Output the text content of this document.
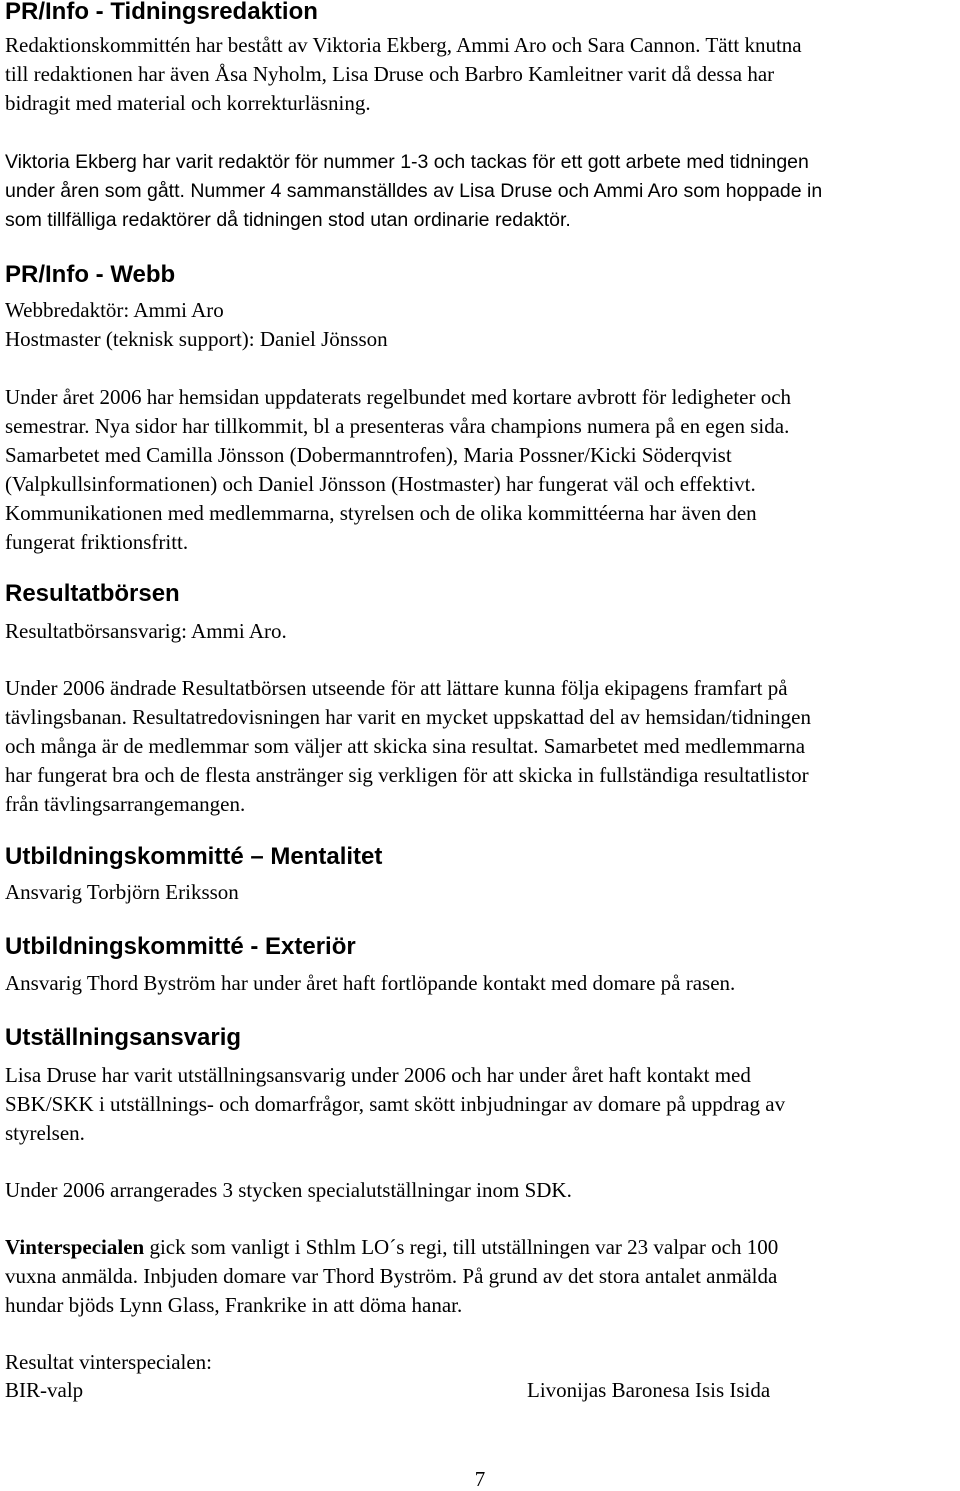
PR/Info - Tidningsredaktion
Redaktionskommittén har bestått av Viktoria Ekberg, Ammi Aro och Sara Cannon. Tätt knutna
till redaktionen har även Åsa Nyholm, Lisa Druse och Barbro Kamleitner varit då dessa har
bidragit med material och korrekturläsning.
Viktoria Ekberg har varit redaktör för nummer 1-3 och tackas för ett gott arbete med tidningen
under åren som gått. Nummer 4 sammanställdes av Lisa Druse och Ammi Aro som hoppade in
som tillfälliga redaktörer då tidningen stod utan ordinarie redaktör.
PR/Info - Webb
Webbredaktör: Ammi Aro
Hostmaster (teknisk support): Daniel Jönsson
Under året 2006 har hemsidan uppdaterats regelbundet med kortare avbrott för ledigheter och
semestrar. Nya sidor har tillkommit, bl a presenteras våra champions numera på en egen sida.
Samarbetet med Camilla Jönsson (Dobermanntrofen), Maria Possner/Kicki Söderqvist
(Valpkullsinformationen) och Daniel Jönsson (Hostmaster) har fungerat väl och effektivt.
Kommunikationen med medlemmarna, styrelsen och de olika kommittéerna har även den
fungerat friktionsfritt.
Resultatbörsen
Resultatbörsansvarig: Ammi Aro.
Under 2006 ändrade Resultatbörsen utseende för att lättare kunna följa ekipagens framfart på
tävlingsbanan. Resultatredovisningen har varit en mycket uppskattad del av hemsidan/tidningen
och många är de medlemmar som väljer att skicka sina resultat. Samarbetet med medlemmarna
har fungerat bra och de flesta anstränger sig verkligen för att skicka in fullständiga resultatlistor
från tävlingsarrangemangen.
Utbildningskommitté – Mentalitet
Ansvarig Torbjörn Eriksson
Utbildningskommitté - Exteriör
Ansvarig Thord Byström har under året haft fortlöpande kontakt med domare på rasen.
Utställningsansvarig
Lisa Druse har varit utställningsansvarig under 2006 och har under året haft kontakt med
SBK/SKK i utställnings- och domarfrågor, samt skött inbjudningar av domare på uppdrag av
styrelsen.
Under 2006 arrangerades 3 stycken specialutställningar inom SDK.
Vinterspecialen gick som vanligt i Sthlm LO´s regi, till utställningen var 23 valpar och 100
vuxna anmälda. Inbjuden domare var Thord Byström. På grund av det stora antalet anmälda
hundar bjöds Lynn Glass, Frankrike in att döma hanar.
Resultat vinterspecialen:
BIR-valp	Livonijas Baronesa Isis Isida
7
